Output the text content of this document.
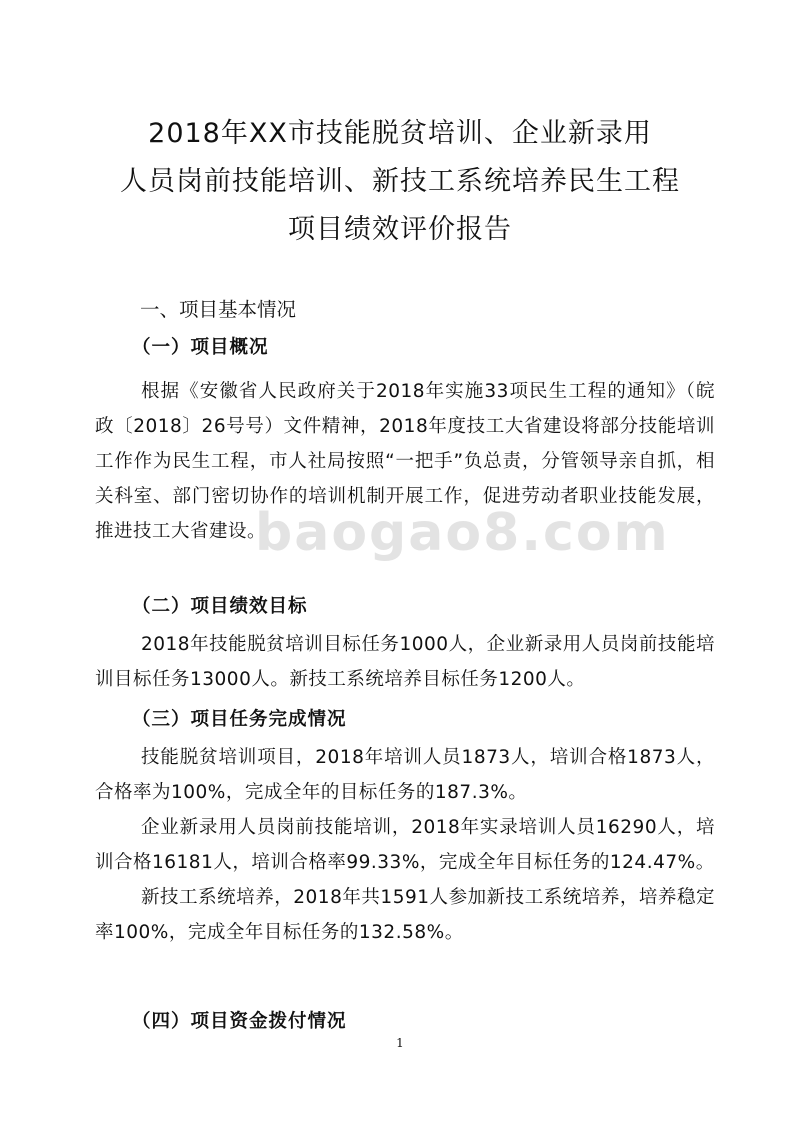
2018年XX市技能脱贫培训、企业新录用

人员岗前技能培训、新技工系统培养民生工程

项目绩效评价报告

一、项目基本情况
（一）项目概况

根据《安徽省人民政府关于2018年实施33项民生工程的通知》（皖政〔2018〕26号号）文件精神，2018年度技工大省建设将部分技能培训工作作为民生工程，市人社局按照“一把手”负总责，分管领导亲自抓，相关科室、部门密切协作的培训机制开展工作，促进劳动者职业技能发展，推进技工大省建设。

baogao8.com
（二）项目绩效目标

2018年技能脱贫培训目标任务1000人，企业新录用人员岗前技能培训目标任务13000人。新技工系统培养目标任务1200人。

（三）项目任务完成情况

技能脱贫培训项目，2018年培训人员1873人，培训合格1873人，合格率为100%，完成全年的目标任务的187.3%。

企业新录用人员岗前技能培训，2018年实录培训人员16290人，培训合格16181人，培训合格率99.33%，完成全年目标任务的124.47%。

新技工系统培养，2018年共1591人参加新技工系统培养，培养稳定率100%，完成全年目标任务的132.58%。

（四）项目资金拨付情况
1
